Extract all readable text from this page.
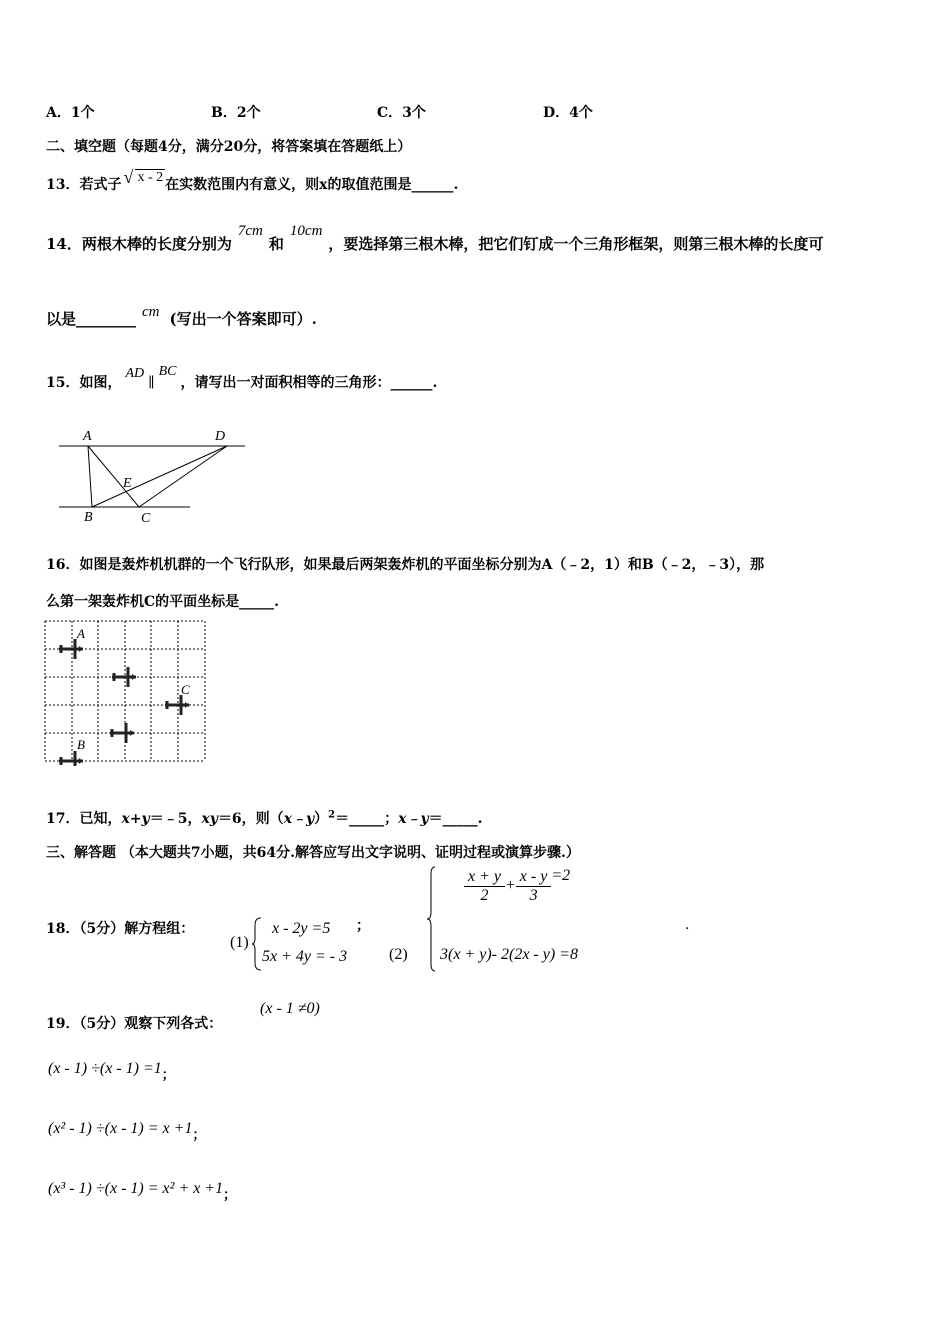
A．1个	B．2个	C．3个	D．4个
二、填空题（每题4分，满分20分，将答案填在答题纸上）
13．若式子 √ x - 2 在实数范围内有意义，则x的取值范围是______.
14．两根木棒的长度分别为7cm和10cm，要选择第三根木棒，把它们钉成一个三角形框架，则第三根木棒的长度可
以是________ cm (写出一个答案即可）.
15．如图，AD∥BC，请写出一对面积相等的三角形：______.
A	D
E
B	C
16．如图是轰炸机机群的一个飞行队形，如果最后两架轰炸机的平面坐标分别为A（﹣2，1）和B（﹣2，﹣3），那
么第一架轰炸机C的平面坐标是_____.
A
C
B
17．已知，x+y＝﹣5，xy＝6，则（x﹣y）$^2$＝_____；x﹣y＝_____.
三、解答题 （本大题共7小题，共64分.解答应写出文字说明、证明过程或演算步骤.）
18．（5分）解方程组：
(1)
x - 2y =5
5x + 4y = - 3
；
(2)
$\frac{x + y}{2} + \frac{x - y}{3} =2$
3(x + y)- 2(2x - y) =8
.
19．（5分）观察下列各式：
(x - 1 ≠0)
$(x - 1) \div(x - 1) =1_;$
$(x^2 - 1) \div(x - 1) = x +1_;$
$(x^3 - 1) \div(x - 1) = x^2 + x +1_;$
